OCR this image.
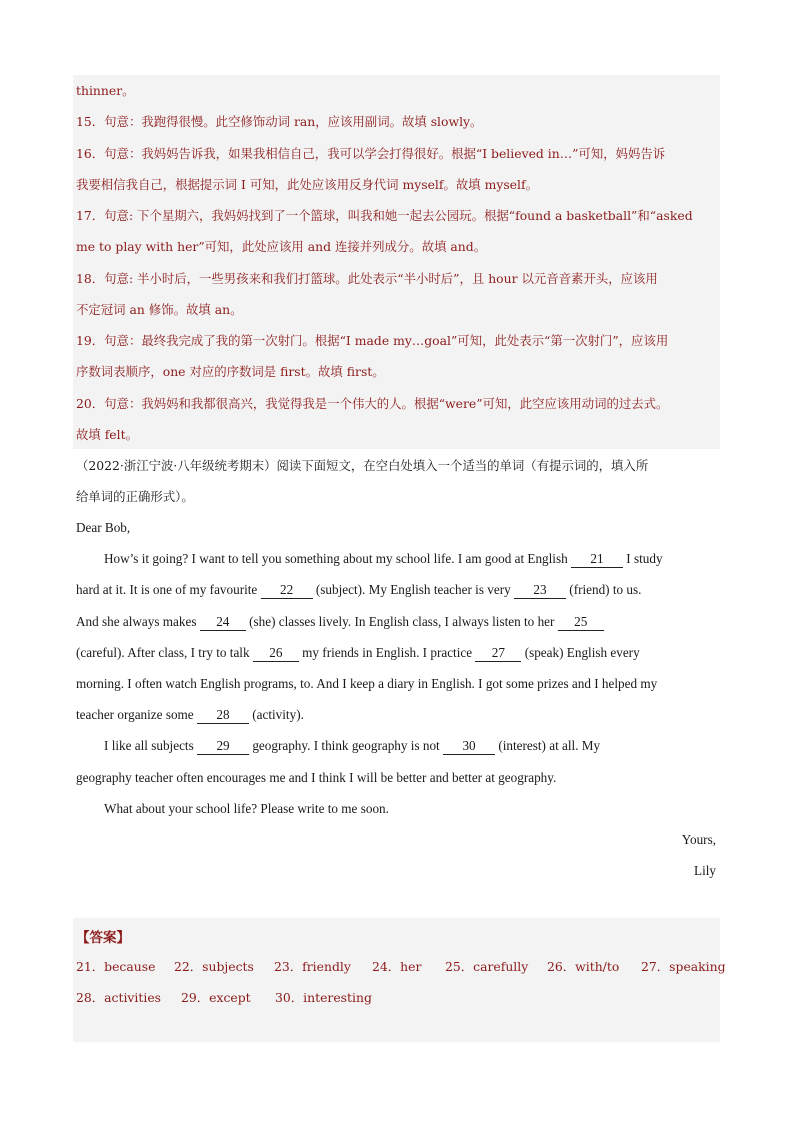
thinner。
15．句意：我跑得很慢。此空修饰动词 ran，应该用副词。故填 slowly。
16．句意：我妈妈告诉我，如果我相信自己，我可以学会打得很好。根据“I believed in…”可知，妈妈告诉
我要相信我自己，根据提示词 I 可知，此处应该用反身代词 myself。故填 myself。
17．句意: 下个星期六，我妈妈找到了一个篮球，叫我和她一起去公园玩。根据“found a basketball”和“asked
me to play with her”可知，此处应该用 and 连接并列成分。故填 and。
18．句意: 半小时后，一些男孩来和我们打篮球。此处表示“半小时后”，且 hour 以元音音素开头，应该用
不定冠词 an 修饰。故填 an。
19．句意：最终我完成了我的第一次射门。根据“I made my…goal”可知，此处表示“第一次射门”，应该用
序数词表顺序，one 对应的序数词是 first。故填 first。
20．句意：我妈妈和我都很高兴，我觉得我是一个伟大的人。根据“were”可知，此空应该用动词的过去式。
故填 felt。
（2022·浙江宁波·八年级统考期末）阅读下面短文，在空白处填入一个适当的单词（有提示词的，填入所
给单词的正确形式）。
Dear Bob,
How’s it going? I want to tell you something about my school life. I am good at English 21 I study
hard at it. It is one of my favourite 22 (subject). My English teacher is very 23 (friend) to us.
And she always makes 24 (she) classes lively. In English class, I always listen to her 25
(careful). After class, I try to talk 26 my friends in English. I practice 27 (speak) English every
morning. I often watch English programs, to. And I keep a diary in English. I got some prizes and I helped my
teacher organize some 28 (activity).
I like all subjects 29 geography. I think geography is not 30 (interest) at all. My
geography teacher often encourages me and I think I will be better and better at geography.
What about your school life? Please write to me soon.
Yours,
Lily
【答案】
21．because 22．subjects 23．friendly 24．her 25．carefully 26．with/to 27．speaking
28．activities 29．except 30．interesting
